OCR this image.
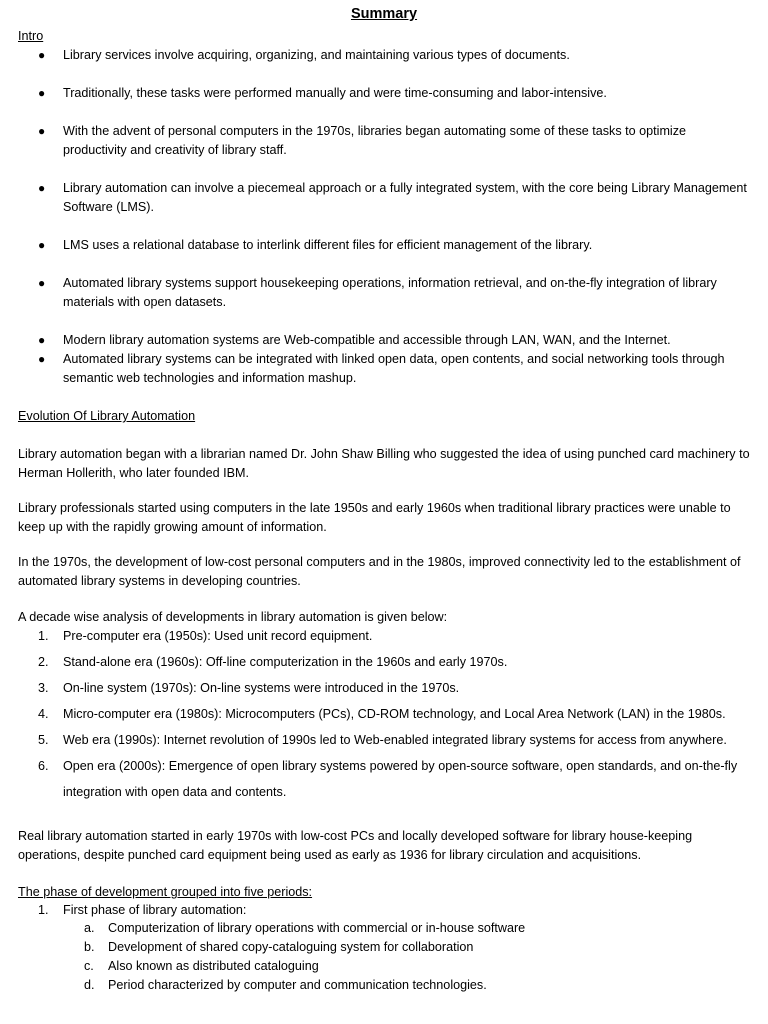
Summary
Intro
● Library services involve acquiring, organizing, and maintaining various types of documents.
● Traditionally, these tasks were performed manually and were time-consuming and labor-intensive.
● With the advent of personal computers in the 1970s, libraries began automating some of these tasks to optimize productivity and creativity of library staff.
● Library automation can involve a piecemeal approach or a fully integrated system, with the core being Library Management Software (LMS).
● LMS uses a relational database to interlink different files for efficient management of the library.
● Automated library systems support housekeeping operations, information retrieval, and on-the-fly integration of library materials with open datasets.
● Modern library automation systems are Web-compatible and accessible through LAN, WAN, and the Internet.
● Automated library systems can be integrated with linked open data, open contents, and social networking tools through semantic web technologies and information mashup.
Evolution Of Library Automation
Library automation began with a librarian named Dr. John Shaw Billing who suggested the idea of using punched card machinery to Herman Hollerith, who later founded IBM.
Library professionals started using computers in the late 1950s and early 1960s when traditional library practices were unable to keep up with the rapidly growing amount of information.
In the 1970s, the development of low-cost personal computers and in the 1980s, improved connectivity led to the establishment of automated library systems in developing countries.
A decade wise analysis of developments in library automation is given below:
1. Pre-computer era (1950s): Used unit record equipment.
2. Stand-alone era (1960s): Off-line computerization in the 1960s and early 1970s.
3. On-line system (1970s): On-line systems were introduced in the 1970s.
4. Micro-computer era (1980s): Microcomputers (PCs), CD-ROM technology, and Local Area Network (LAN) in the 1980s.
5. Web era (1990s): Internet revolution of 1990s led to Web-enabled integrated library systems for access from anywhere.
6. Open era (2000s): Emergence of open library systems powered by open-source software, open standards, and on-the-fly integration with open data and contents.
Real library automation started in early 1970s with low-cost PCs and locally developed software for library house-keeping operations, despite punched card equipment being used as early as 1936 for library circulation and acquisitions.
The phase of development grouped into five periods:
1. First phase of library automation:
a. Computerization of library operations with commercial or in-house software
b. Development of shared copy-cataloguing system for collaboration
c. Also known as distributed cataloguing
d. Period characterized by computer and communication technologies.
